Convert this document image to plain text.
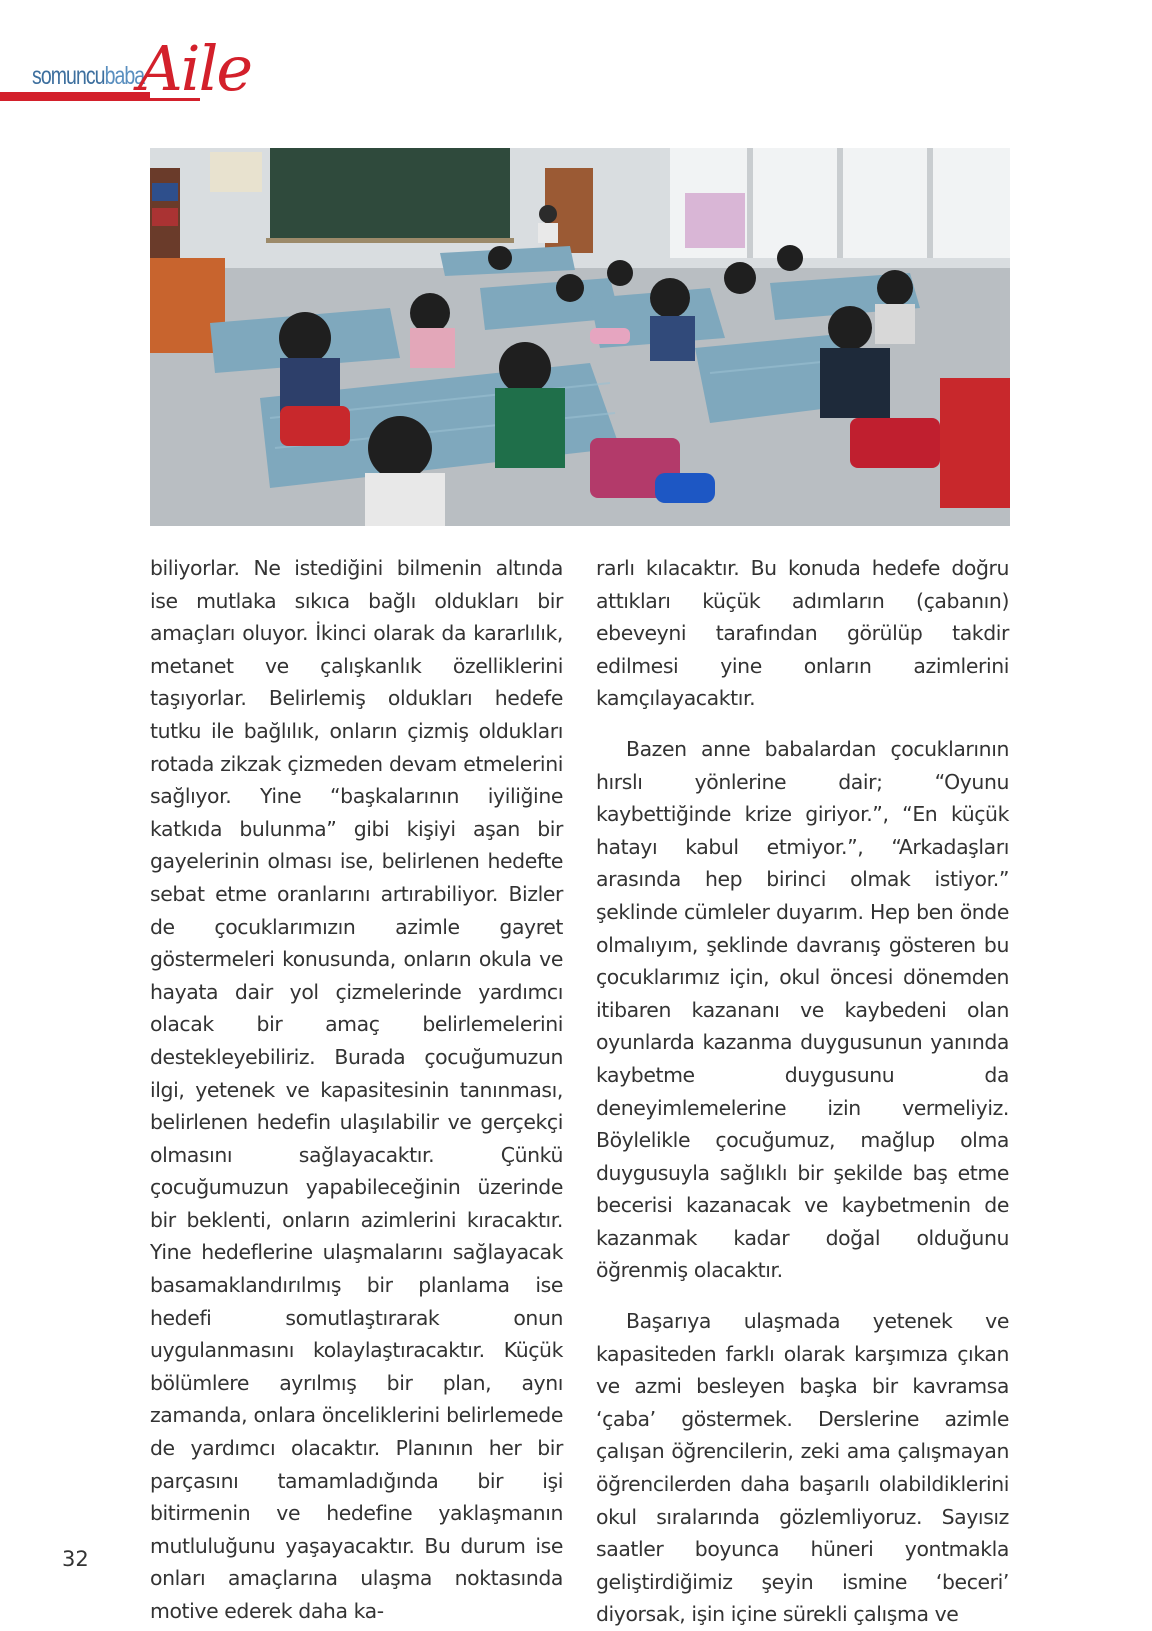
somuncubaba
Aile

biliyorlar. Ne istediğini bilmenin altında ise mutlaka sıkıca bağlı oldukları bir amaçları oluyor. İkinci olarak da kararlılık, metanet ve çalışkanlık özelliklerini taşıyorlar. Belirlemiş oldukları hedefe tutku ile bağlılık, onların çizmiş oldukları rotada zikzak çizmeden devam etmelerini sağlıyor. Yine “başkalarının iyiliğine katkıda bulunma” gibi kişiyi aşan bir gayelerinin olması ise, belirlenen hedefte sebat etme oranlarını artırabiliyor. Bizler de çocuklarımızın azimle gayret göstermeleri konusunda, onların okula ve hayata dair yol çizmelerinde yardımcı olacak bir amaç belirlemelerini destekleyebiliriz. Burada çocuğumuzun ilgi, yetenek ve kapasitesinin tanınması, belirlenen hedefin ulaşılabilir ve gerçekçi olmasını sağlayacaktır. Çünkü çocuğumuzun yapabileceğinin üzerinde bir beklenti, onların azimlerini kıracaktır. Yine hedeflerine ulaşmalarını sağlayacak basamaklandırılmış bir planlama ise hedefi somutlaştırarak onun uygulanmasını kolaylaştıracaktır. Küçük bölümlere ayrılmış bir plan, aynı zamanda, onlara önceliklerini belirlemede de yardımcı olacaktır. Planının her bir parçasını tamamladığında bir işi bitirmenin ve hedefine yaklaşmanın mutluluğunu yaşayacaktır. Bu durum ise onları amaçlarına ulaşma noktasında motive ederek daha ka-

rarlı kılacaktır. Bu konuda hedefe doğru attıkları küçük adımların (çabanın) ebeveyni tarafından görülüp takdir edilmesi yine onların azimlerini kamçılayacaktır.

Bazen anne babalardan çocuklarının hırslı yönlerine dair; “Oyunu kaybettiğinde krize giriyor.”, “En küçük hatayı kabul etmiyor.”, “Arkadaşları arasında hep birinci olmak istiyor.” şeklinde cümleler duyarım. Hep ben önde olmalıyım, şeklinde davranış gösteren bu çocuklarımız için, okul öncesi dönemden itibaren kazananı ve kaybedeni olan oyunlarda kazanma duygusunun yanında kaybetme duygusunu da deneyimlemelerine izin vermeliyiz. Böylelikle çocuğumuz, mağlup olma duygusuyla sağlıklı bir şekilde baş etme becerisi kazanacak ve kaybetmenin de kazanmak kadar doğal olduğunu öğrenmiş olacaktır.

Başarıya ulaşmada yetenek ve kapasiteden farklı olarak karşımıza çıkan ve azmi besleyen başka bir kavramsa ‘çaba’ göstermek. Derslerine azimle çalışan öğrencilerin, zeki ama çalışmayan öğrencilerden daha başarılı olabildiklerini okul sıralarında gözlemliyoruz. Sayısız saatler boyunca hüneri yontmakla geliştirdiğimiz şeyin ismine ‘beceri’ diyorsak, işin içine sürekli çalışma ve

32
